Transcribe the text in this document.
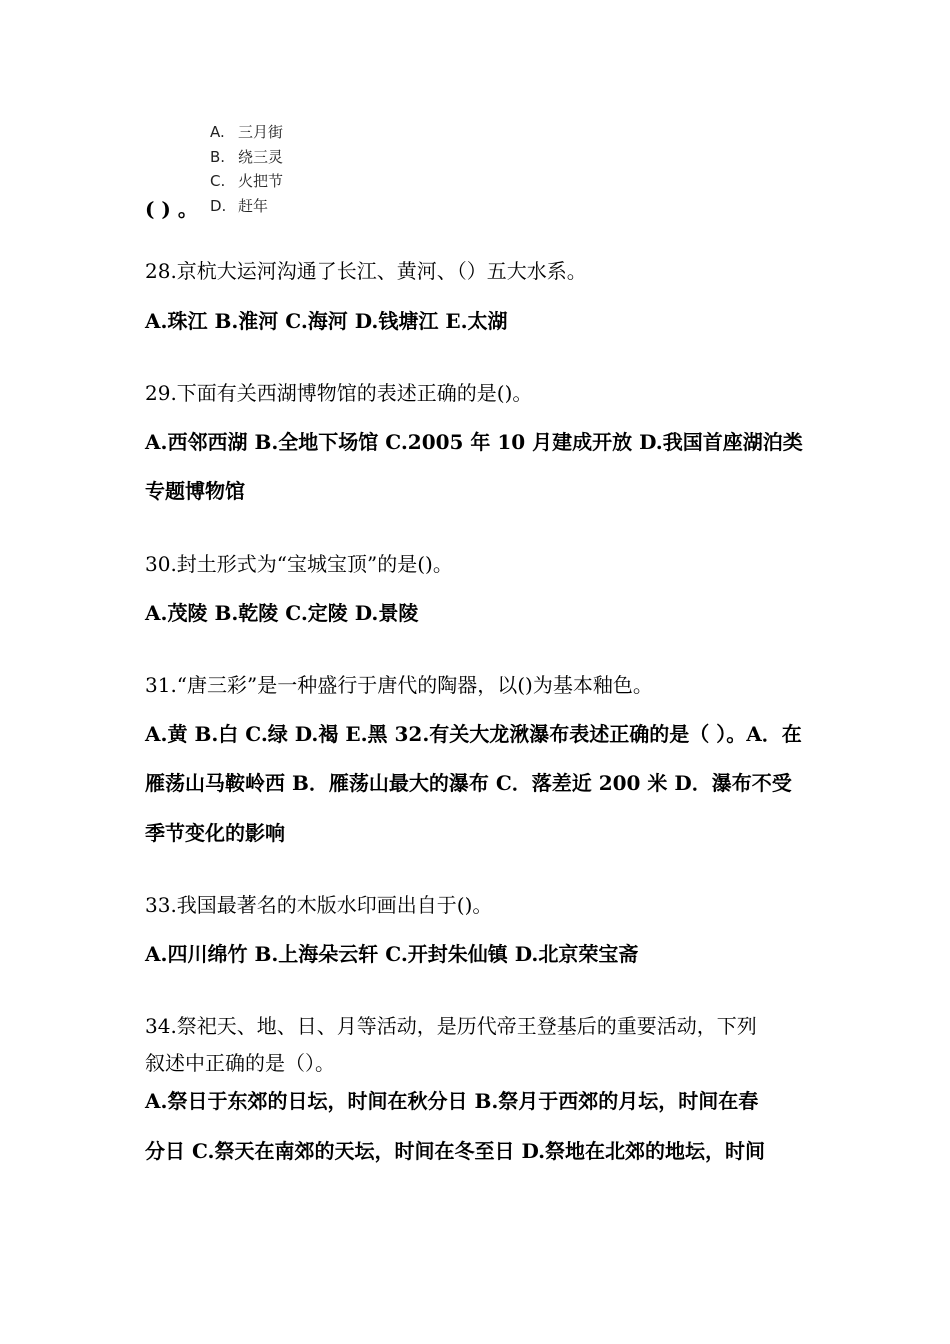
A. 三月街
B. 绕三灵
C. 火把节
D. 赶年
( ) 。
28.京杭大运河沟通了长江、黄河、（）五大水系。
A.珠江 B.淮河 C.海河 D.钱塘江 E.太湖
29.下面有关西湖博物馆的表述正确的是()。
A.西邻西湖 B.全地下场馆 C.2005 年 10 月建成开放 D.我国首座湖泊类
专题博物馆
30.封土形式为“宝城宝顶”的是()。
A.茂陵 B.乾陵 C.定陵 D.景陵
31.“唐三彩”是一种盛行于唐代的陶器，以()为基本釉色。
A.黄 B.白 C.绿 D.褐 E.黑 32.有关大龙湫瀑布表述正确的是（ ）。A．在
雁荡山马鞍岭西 B．雁荡山最大的瀑布 C．落差近 200 米 D．瀑布不受
季节变化的影响
33.我国最著名的木版水印画出自于()。
A.四川绵竹 B.上海朵云轩 C.开封朱仙镇 D.北京荣宝斋
34.祭祀天、地、日、月等活动，是历代帝王登基后的重要活动，下列
叙述中正确的是（）。
A.祭日于东郊的日坛，时间在秋分日 B.祭月于西郊的月坛，时间在春
分日 C.祭天在南郊的天坛，时间在冬至日 D.祭地在北郊的地坛，时间
